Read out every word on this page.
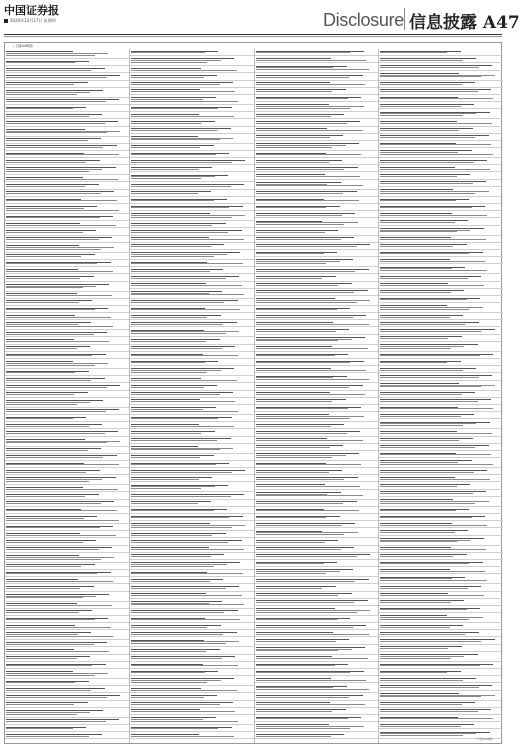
中国证券报
2020年12月17日 星期四	Disclosure 信息披露 A47
（上接A46版）
（下转A48版）
